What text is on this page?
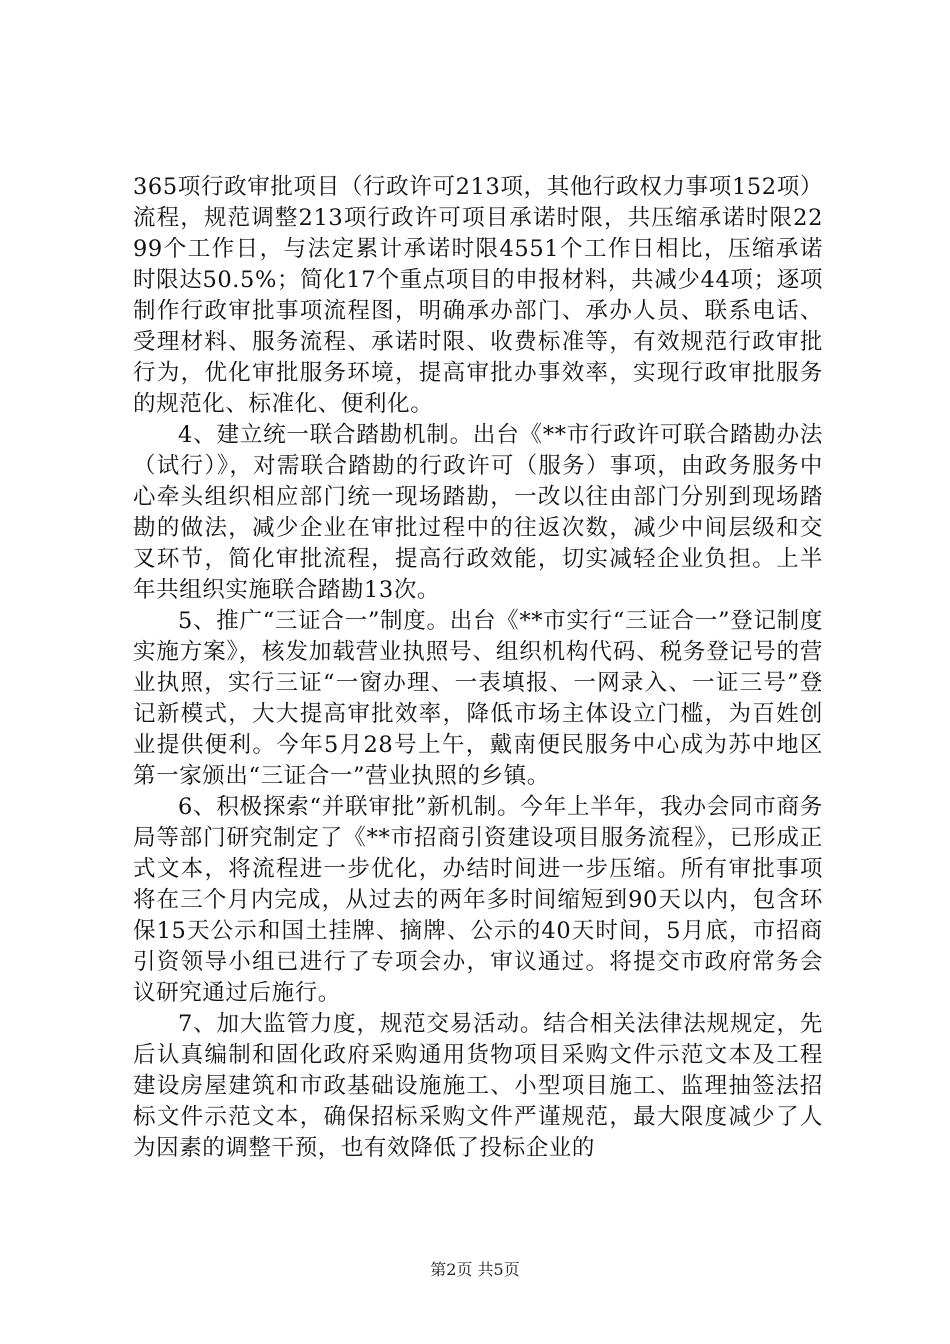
365项行政审批项目（行政许可213项，其他行政权力事项152项）流程，规范调整213项行政许可项目承诺时限，共压缩承诺时限2299个工作日，与法定累计承诺时限4551个工作日相比，压缩承诺时限达50.5%；简化17个重点项目的申报材料，共减少44项；逐项制作行政审批事项流程图，明确承办部门、承办人员、联系电话、受理材料、服务流程、承诺时限、收费标准等，有效规范行政审批行为，优化审批服务环境，提高审批办事效率，实现行政审批服务的规范化、标准化、便利化。

4、建立统一联合踏勘机制。出台《**市行政许可联合踏勘办法（试行）》，对需联合踏勘的行政许可（服务）事项，由政务服务中心牵头组织相应部门统一现场踏勘，一改以往由部门分别到现场踏勘的做法，减少企业在审批过程中的往返次数，减少中间层级和交叉环节，简化审批流程，提高行政效能，切实减轻企业负担。上半年共组织实施联合踏勘13次。

5、推广“三证合一”制度。出台《**市实行“三证合一”登记制度实施方案》，核发加载营业执照号、组织机构代码、税务登记号的营业执照，实行三证“一窗办理、一表填报、一网录入、一证三号”登记新模式，大大提高审批效率，降低市场主体设立门槛，为百姓创业提供便利。今年5月28号上午，戴南便民服务中心成为苏中地区第一家颁出“三证合一”营业执照的乡镇。

6、积极探索“并联审批”新机制。今年上半年，我办会同市商务局等部门研究制定了《**市招商引资建设项目服务流程》，已形成正式文本，将流程进一步优化，办结时间进一步压缩。所有审批事项将在三个月内完成，从过去的两年多时间缩短到90天以内，包含环保15天公示和国土挂牌、摘牌、公示的40天时间，5月底，市招商引资领导小组已进行了专项会办，审议通过。将提交市政府常务会议研究通过后施行。

7、加大监管力度，规范交易活动。结合相关法律法规规定，先后认真编制和固化政府采购通用货物项目采购文件示范文本及工程建设房屋建筑和市政基础设施施工、小型项目施工、监理抽签法招标文件示范文本，确保招标采购文件严谨规范，最大限度减少了人为因素的调整干预，也有效降低了投标企业的

第2页 共5页
